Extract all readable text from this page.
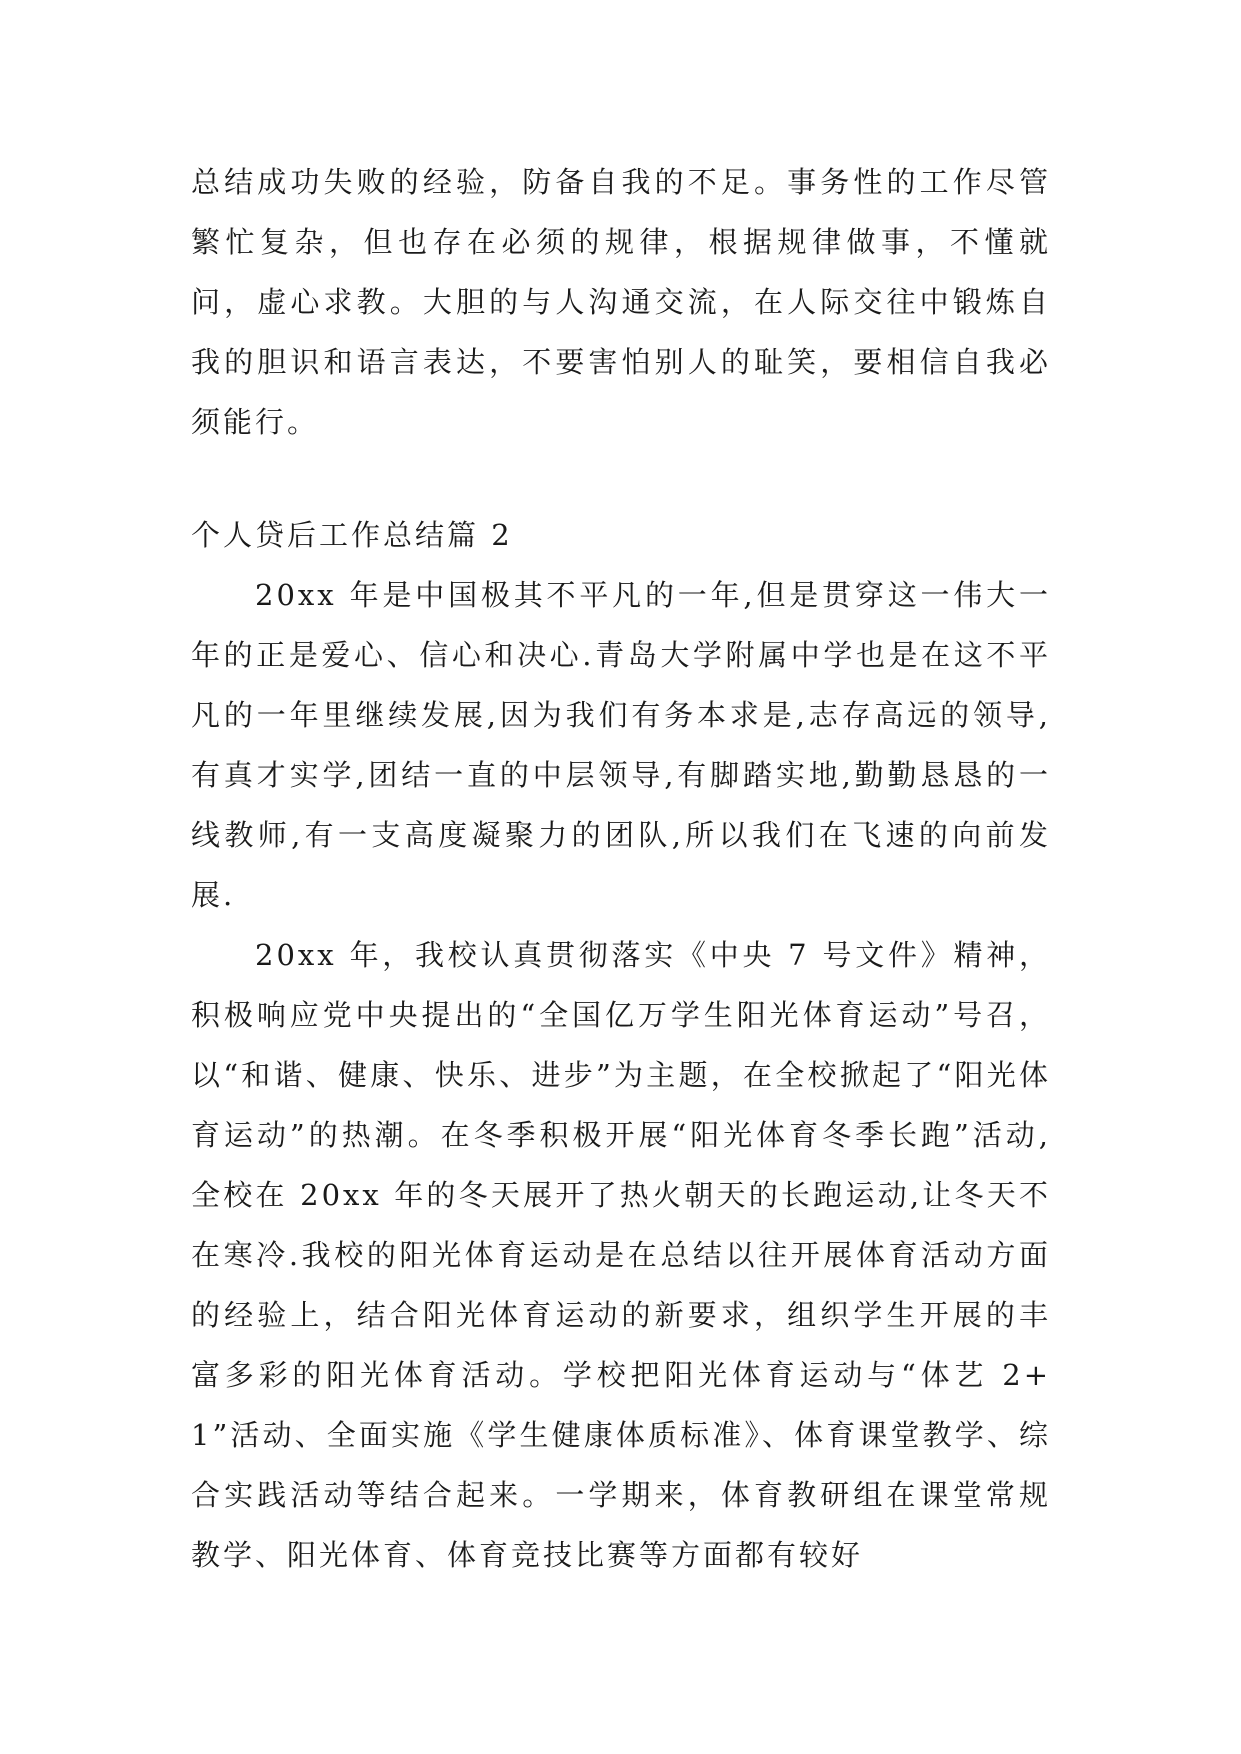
总结成功失败的经验，防备自我的不足。事务性的工作尽管繁忙复杂，但也存在必须的规律，根据规律做事，不懂就问，虚心求教。大胆的与人沟通交流，在人际交往中锻炼自我的胆识和语言表达，不要害怕别人的耻笑，要相信自我必须能行。

个人贷后工作总结篇 2

20xx 年是中国极其不平凡的一年,但是贯穿这一伟大一年的正是爱心、信心和决心.青岛大学附属中学也是在这不平凡的一年里继续发展,因为我们有务本求是,志存高远的领导,有真才实学,团结一直的中层领导,有脚踏实地,勤勤恳恳的一线教师,有一支高度凝聚力的团队,所以我们在飞速的向前发展.

20xx 年，我校认真贯彻落实《中央 7 号文件》精神，积极响应党中央提出的“全国亿万学生阳光体育运动”号召，以“和谐、健康、快乐、进步”为主题，在全校掀起了“阳光体育运动”的热潮。在冬季积极开展“阳光体育冬季长跑”活动,全校在 20xx 年的冬天展开了热火朝天的长跑运动,让冬天不在寒冷.我校的阳光体育运动是在总结以往开展体育活动方面的经验上，结合阳光体育运动的新要求，组织学生开展的丰富多彩的阳光体育活动。学校把阳光体育运动与“体艺 2+1”活动、全面实施《学生健康体质标准》、体育课堂教学、综合实践活动等结合起来。一学期来，体育教研组在课堂常规教学、阳光体育、体育竞技比赛等方面都有较好
